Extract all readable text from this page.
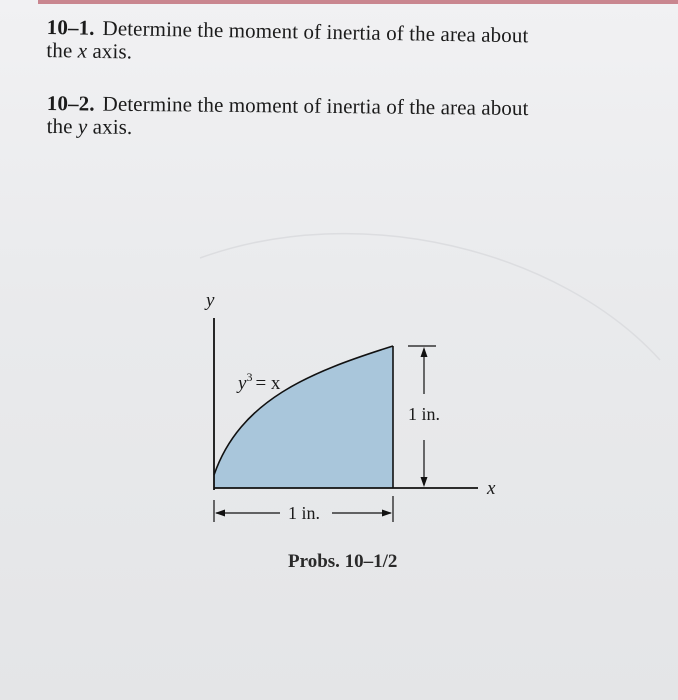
10–1. Determine the moment of inertia of the area about
the x axis.
10–2. Determine the moment of inertia of the area about
the y axis.
y
x
$y^3 = x$
1 in.
1 in.
Probs. 10–1/2
